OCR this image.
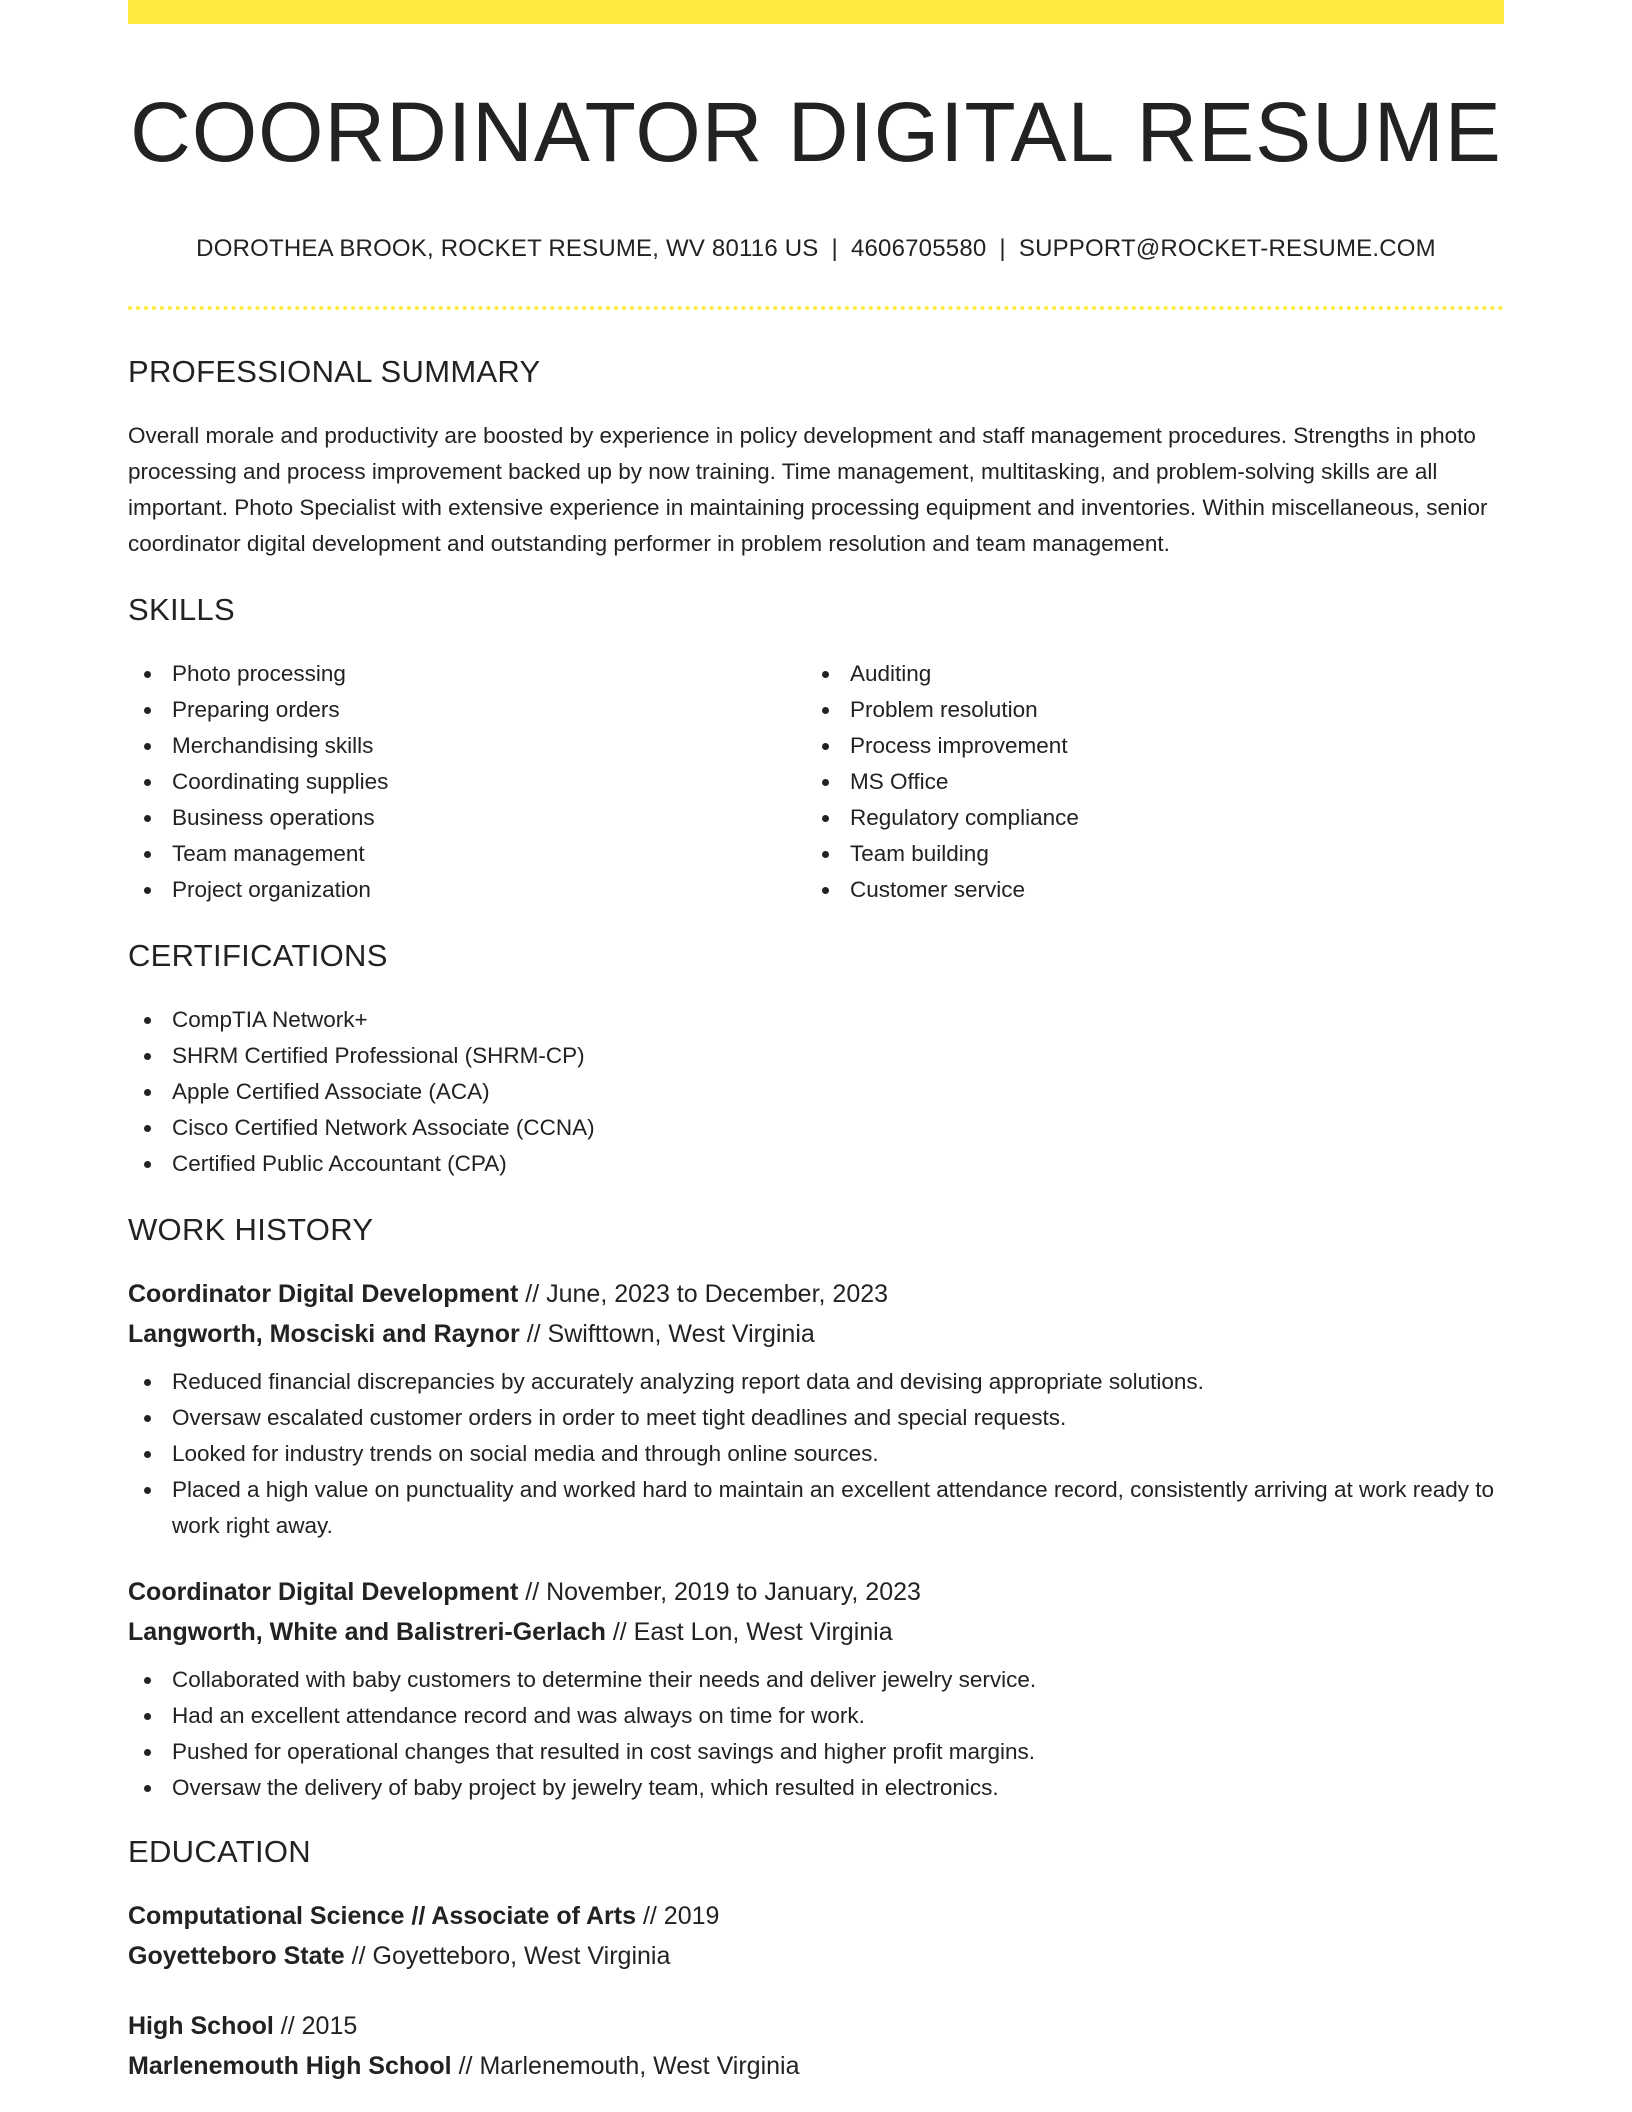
COORDINATOR DIGITAL RESUME
DOROTHEA BROOK, ROCKET RESUME, WV 80116 US | 4606705580 | SUPPORT@ROCKET-RESUME.COM
PROFESSIONAL SUMMARY

Overall morale and productivity are boosted by experience in policy development and staff management procedures. Strengths in photo processing and process improvement backed up by now training. Time management, multitasking, and problem-solving skills are all important. Photo Specialist with extensive experience in maintaining processing equipment and inventories. Within miscellaneous, senior coordinator digital development and outstanding performer in problem resolution and team management.

SKILLS
Photo processing
Preparing orders
Merchandising skills
Coordinating supplies
Business operations
Team management
Project organization
Auditing
Problem resolution
Process improvement
MS Office
Regulatory compliance
Team building
Customer service
CERTIFICATIONS
CompTIA Network+
SHRM Certified Professional (SHRM-CP)
Apple Certified Associate (ACA)
Cisco Certified Network Associate (CCNA)
Certified Public Accountant (CPA)
WORK HISTORY
Coordinator Digital Development // June, 2023 to December, 2023
Langworth, Mosciski and Raynor // Swifttown, West Virginia
Reduced financial discrepancies by accurately analyzing report data and devising appropriate solutions.
Oversaw escalated customer orders in order to meet tight deadlines and special requests.
Looked for industry trends on social media and through online sources.
Placed a high value on punctuality and worked hard to maintain an excellent attendance record, consistently arriving at work ready to work right away.
Coordinator Digital Development // November, 2019 to January, 2023
Langworth, White and Balistreri-Gerlach // East Lon, West Virginia
Collaborated with baby customers to determine their needs and deliver jewelry service.
Had an excellent attendance record and was always on time for work.
Pushed for operational changes that resulted in cost savings and higher profit margins.
Oversaw the delivery of baby project by jewelry team, which resulted in electronics.
EDUCATION
Computational Science // Associate of Arts // 2019
Goyetteboro State // Goyetteboro, West Virginia
High School // 2015
Marlenemouth High School // Marlenemouth, West Virginia
